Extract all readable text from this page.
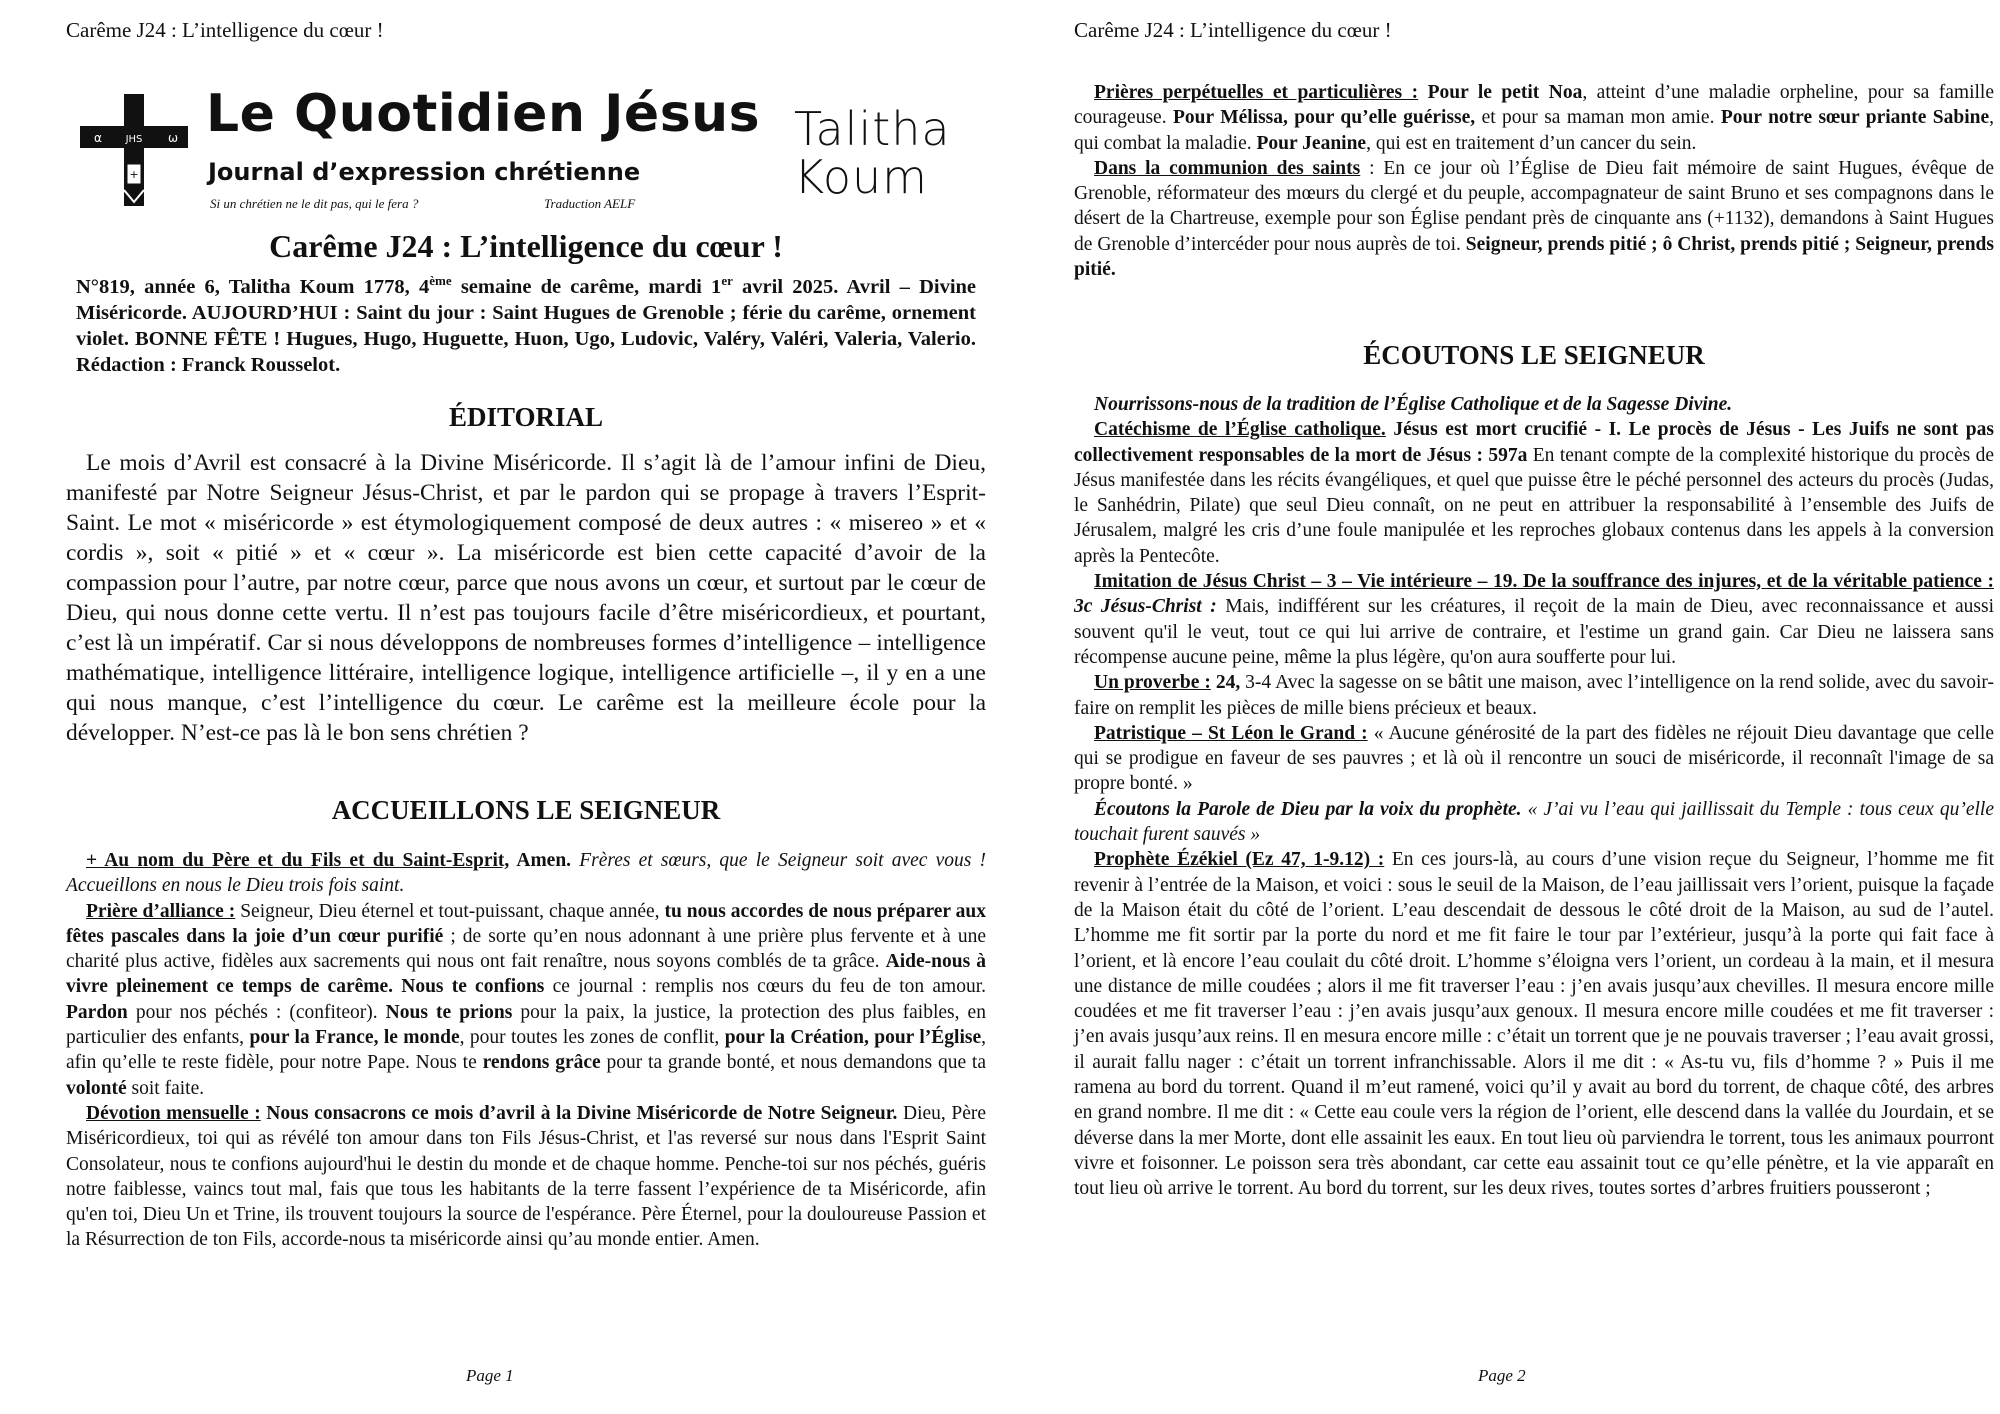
Carême J24 : L’intelligence du cœur !
+
α JHS ω Le Quotidien Jésus
Journal d’expression chrétienne
Si un chrétien ne le dit pas, qui le fera ?	Traduction AELF
Talitha
Koum
Carême J24 : L’intelligence du cœur !
N°819, année 6, Talitha Koum 1778, 4ème semaine de carême, mardi 1er avril 2025. Avril – Divine Miséricorde. AUJOURD’HUI : Saint du jour : Saint Hugues de Grenoble ; férie du carême, ornement violet. BONNE FÊTE ! Hugues, Hugo, Huguette, Huon, Ugo, Ludovic, Valéry, Valéri, Valeria, Valerio. Rédaction : Franck Rousselot.
ÉDITORIAL
Le mois d’Avril est consacré à la Divine Miséricorde. Il s’agit là de l’amour infini de Dieu, manifesté par Notre Seigneur Jésus-Christ, et par le pardon qui se propage à travers l’Esprit-Saint. Le mot « miséricorde » est étymologiquement composé de deux autres : « misereo » et « cordis », soit « pitié » et « cœur ». La miséricorde est bien cette capacité d’avoir de la compassion pour l’autre, par notre cœur, parce que nous avons un cœur, et surtout par le cœur de Dieu, qui nous donne cette vertu. Il n’est pas toujours facile d’être miséricordieux, et pourtant, c’est là un impératif. Car si nous développons de nombreuses formes d’intelligence – intelligence mathématique, intelligence littéraire, intelligence logique, intelligence artificielle –, il y en a une qui nous manque, c’est l’intelligence du cœur. Le carême est la meilleure école pour la développer. N’est-ce pas là le bon sens chrétien ?
ACCUEILLONS LE SEIGNEUR

+ Au nom du Père et du Fils et du Saint-Esprit, Amen. Frères et sœurs, que le Seigneur soit avec vous ! Accueillons en nous le Dieu trois fois saint.

Prière d’alliance : Seigneur, Dieu éternel et tout-puissant, chaque année, tu nous accordes de nous préparer aux fêtes pascales dans la joie d’un cœur purifié ; de sorte qu’en nous adonnant à une prière plus fervente et à une charité plus active, fidèles aux sacrements qui nous ont fait renaître, nous soyons comblés de ta grâce. Aide-nous à vivre pleinement ce temps de carême. Nous te confions ce journal : remplis nos cœurs du feu de ton amour. Pardon pour nos péchés : (confiteor). Nous te prions pour la paix, la justice, la protection des plus faibles, en particulier des enfants, pour la France, le monde, pour toutes les zones de conflit, pour la Création, pour l’Église, afin qu’elle te reste fidèle, pour notre Pape. Nous te rendons grâce pour ta grande bonté, et nous demandons que ta volonté soit faite.

Dévotion mensuelle : Nous consacrons ce mois d’avril à la Divine Miséricorde de Notre Seigneur. Dieu, Père Miséricordieux, toi qui as révélé ton amour dans ton Fils Jésus-Christ, et l'as reversé sur nous dans l'Esprit Saint Consolateur, nous te confions aujourd'hui le destin du monde et de chaque homme. Penche-toi sur nos péchés, guéris notre faiblesse, vaincs tout mal, fais que tous les habitants de la terre fassent l’expérience de ta Miséricorde, afin qu'en toi, Dieu Un et Trine, ils trouvent toujours la source de l'espérance. Père Éternel, pour la douloureuse Passion et la Résurrection de ton Fils, accorde-nous ta miséricorde ainsi qu’au monde entier. Amen.

Page 1
Carême J24 : L’intelligence du cœur !

Prières perpétuelles et particulières : Pour le petit Noa, atteint d’une maladie orpheline, pour sa famille courageuse. Pour Mélissa, pour qu’elle guérisse, et pour sa maman mon amie. Pour notre sœur priante Sabine, qui combat la maladie. Pour Jeanine, qui est en traitement d’un cancer du sein.

Dans la communion des saints : En ce jour où l’Église de Dieu fait mémoire de saint Hugues, évêque de Grenoble, réformateur des mœurs du clergé et du peuple, accompagnateur de saint Bruno et ses compagnons dans le désert de la Chartreuse, exemple pour son Église pendant près de cinquante ans (+1132), demandons à Saint Hugues de Grenoble d’intercéder pour nous auprès de toi. Seigneur, prends pitié ; ô Christ, prends pitié ; Seigneur, prends pitié.

ÉCOUTONS LE SEIGNEUR

Nourrissons-nous de la tradition de l’Église Catholique et de la Sagesse Divine.

Catéchisme de l’Église catholique. Jésus est mort crucifié - I. Le procès de Jésus - Les Juifs ne sont pas collectivement responsables de la mort de Jésus : 597a En tenant compte de la complexité historique du procès de Jésus manifestée dans les récits évangéliques, et quel que puisse être le péché personnel des acteurs du procès (Judas, le Sanhédrin, Pilate) que seul Dieu connaît, on ne peut en attribuer la responsabilité à l’ensemble des Juifs de Jérusalem, malgré les cris d’une foule manipulée et les reproches globaux contenus dans les appels à la conversion après la Pentecôte.

Imitation de Jésus Christ – 3 – Vie intérieure – 19. De la souffrance des injures, et de la véritable patience : 3c Jésus-Christ : Mais, indifférent sur les créatures, il reçoit de la main de Dieu, avec reconnaissance et aussi souvent qu'il le veut, tout ce qui lui arrive de contraire, et l'estime un grand gain. Car Dieu ne laissera sans récompense aucune peine, même la plus légère, qu'on aura soufferte pour lui.

Un proverbe : 24, 3-4 Avec la sagesse on se bâtit une maison, avec l’intelligence on la rend solide, avec du savoir-faire on remplit les pièces de mille biens précieux et beaux.

Patristique – St Léon le Grand : « Aucune générosité de la part des fidèles ne réjouit Dieu davantage que celle qui se prodigue en faveur de ses pauvres ; et là où il rencontre un souci de miséricorde, il reconnaît l'image de sa propre bonté. »

Écoutons la Parole de Dieu par la voix du prophète. « J’ai vu l’eau qui jaillissait du Temple : tous ceux qu’elle touchait furent sauvés »

Prophète Ézékiel (Ez 47, 1-9.12) : En ces jours-là, au cours d’une vision reçue du Seigneur, l’homme me fit revenir à l’entrée de la Maison, et voici : sous le seuil de la Maison, de l’eau jaillissait vers l’orient, puisque la façade de la Maison était du côté de l’orient. L’eau descendait de dessous le côté droit de la Maison, au sud de l’autel. L’homme me fit sortir par la porte du nord et me fit faire le tour par l’extérieur, jusqu’à la porte qui fait face à l’orient, et là encore l’eau coulait du côté droit. L’homme s’éloigna vers l’orient, un cordeau à la main, et il mesura une distance de mille coudées ; alors il me fit traverser l’eau : j’en avais jusqu’aux chevilles. Il mesura encore mille coudées et me fit traverser l’eau : j’en avais jusqu’aux genoux. Il mesura encore mille coudées et me fit traverser : j’en avais jusqu’aux reins. Il en mesura encore mille : c’était un torrent que je ne pouvais traverser ; l’eau avait grossi, il aurait fallu nager : c’était un torrent infranchissable. Alors il me dit : « As-tu vu, fils d’homme ? » Puis il me ramena au bord du torrent. Quand il m’eut ramené, voici qu’il y avait au bord du torrent, de chaque côté, des arbres en grand nombre. Il me dit : « Cette eau coule vers la région de l’orient, elle descend dans la vallée du Jourdain, et se déverse dans la mer Morte, dont elle assainit les eaux. En tout lieu où parviendra le torrent, tous les animaux pourront vivre et foisonner. Le poisson sera très abondant, car cette eau assainit tout ce qu’elle pénètre, et la vie apparaît en tout lieu où arrive le torrent. Au bord du torrent, sur les deux rives, toutes sortes d’arbres fruitiers pousseront ;

Page 2
